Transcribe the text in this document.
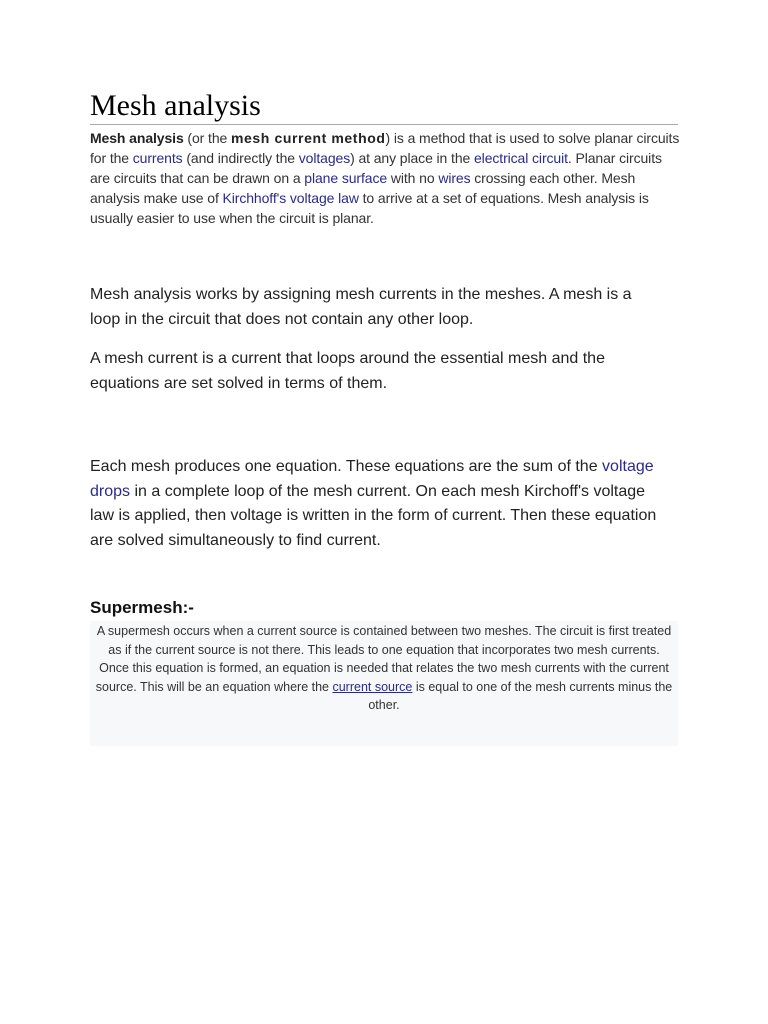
Mesh analysis

Mesh analysis (or the mesh current method) is a method that is used to solve planar circuits for the currents (and indirectly the voltages) at any place in the electrical circuit. Planar circuits are circuits that can be drawn on a plane surface with no wires crossing each other. Mesh analysis make use of Kirchhoff's voltage law to arrive at a set of equations. Mesh analysis is usually easier to use when the circuit is planar.

Mesh analysis works by assigning mesh currents in the meshes. A mesh is a loop in the circuit that does not contain any other loop.

A mesh current is a current that loops around the essential mesh and the equations are set solved in terms of them.

Each mesh produces one equation. These equations are the sum of the voltage drops in a complete loop of the mesh current. On each mesh Kirchoff's voltage law is applied, then voltage is written in the form of current. Then these equation are solved simultaneously to find current.

Supermesh:-

A supermesh occurs when a current source is contained between two meshes. The circuit is first treated as if the current source is not there. This leads to one equation that incorporates two mesh currents. Once this equation is formed, an equation is needed that relates the two mesh currents with the current source. This will be an equation where the current source is equal to one of the mesh currents minus the other.
